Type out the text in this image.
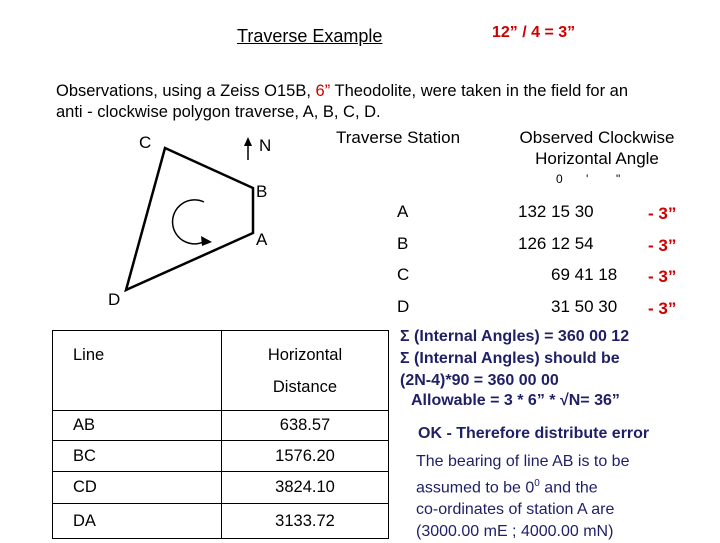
Traverse Example	12” / 4 = 3”
Observations, using a Zeiss O15B, 6” Theodolite, were taken in the field for an
anti - clockwise polygon traverse, A, B, C, D.
C	N
B
A
D
Traverse Station	Observed Clockwise
Horizontal Angle
0 ' "
A	132 15 30	- 3”
B	126 12 54	- 3”
C	69 41 18 - 3”
D	31 50 30 - 3”
Line	Horizontal
Distance
AB	638.57
BC	1576.20
CD	3824.10
DA	3133.72
Σ (Internal Angles) = 360 00 12
Σ (Internal Angles) should be
(2N-4)*90 = 360 00 00
Allowable = 3 * 6” * √N= 36”
OK - Therefore distribute error
The bearing of line AB is to be
assumed to be $0^0$ and the
co-ordinates of station A are
(3000.00 mE ; 4000.00 mN)
